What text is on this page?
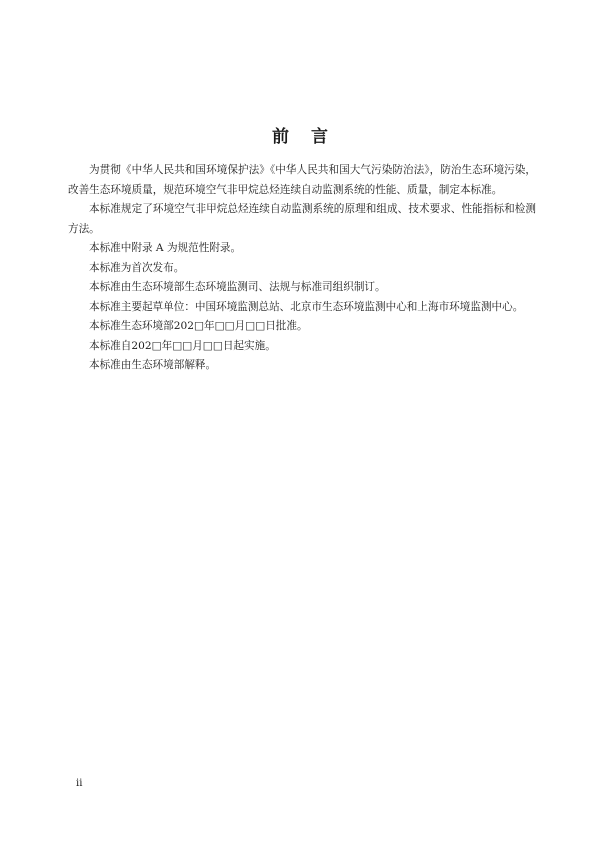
前 言

为贯彻《中华人民共和国环境保护法》《中华人民共和国大气污染防治法》，防治生态环境污染，改善生态环境质量，规范环境空气非甲烷总烃连续自动监测系统的性能、质量，制定本标准。

本标准规定了环境空气非甲烷总烃连续自动监测系统的原理和组成、技术要求、性能指标和检测方法。

本标准中附录 A 为规范性附录。

本标准为首次发布。

本标准由生态环境部生态环境监测司、法规与标准司组织制订。

本标准主要起草单位：中国环境监测总站、北京市生态环境监测中心和上海市环境监测中心。

本标准生态环境部202□年□□月□□日批准。

本标准自202□年□□月□□日起实施。

本标准由生态环境部解释。

ii
